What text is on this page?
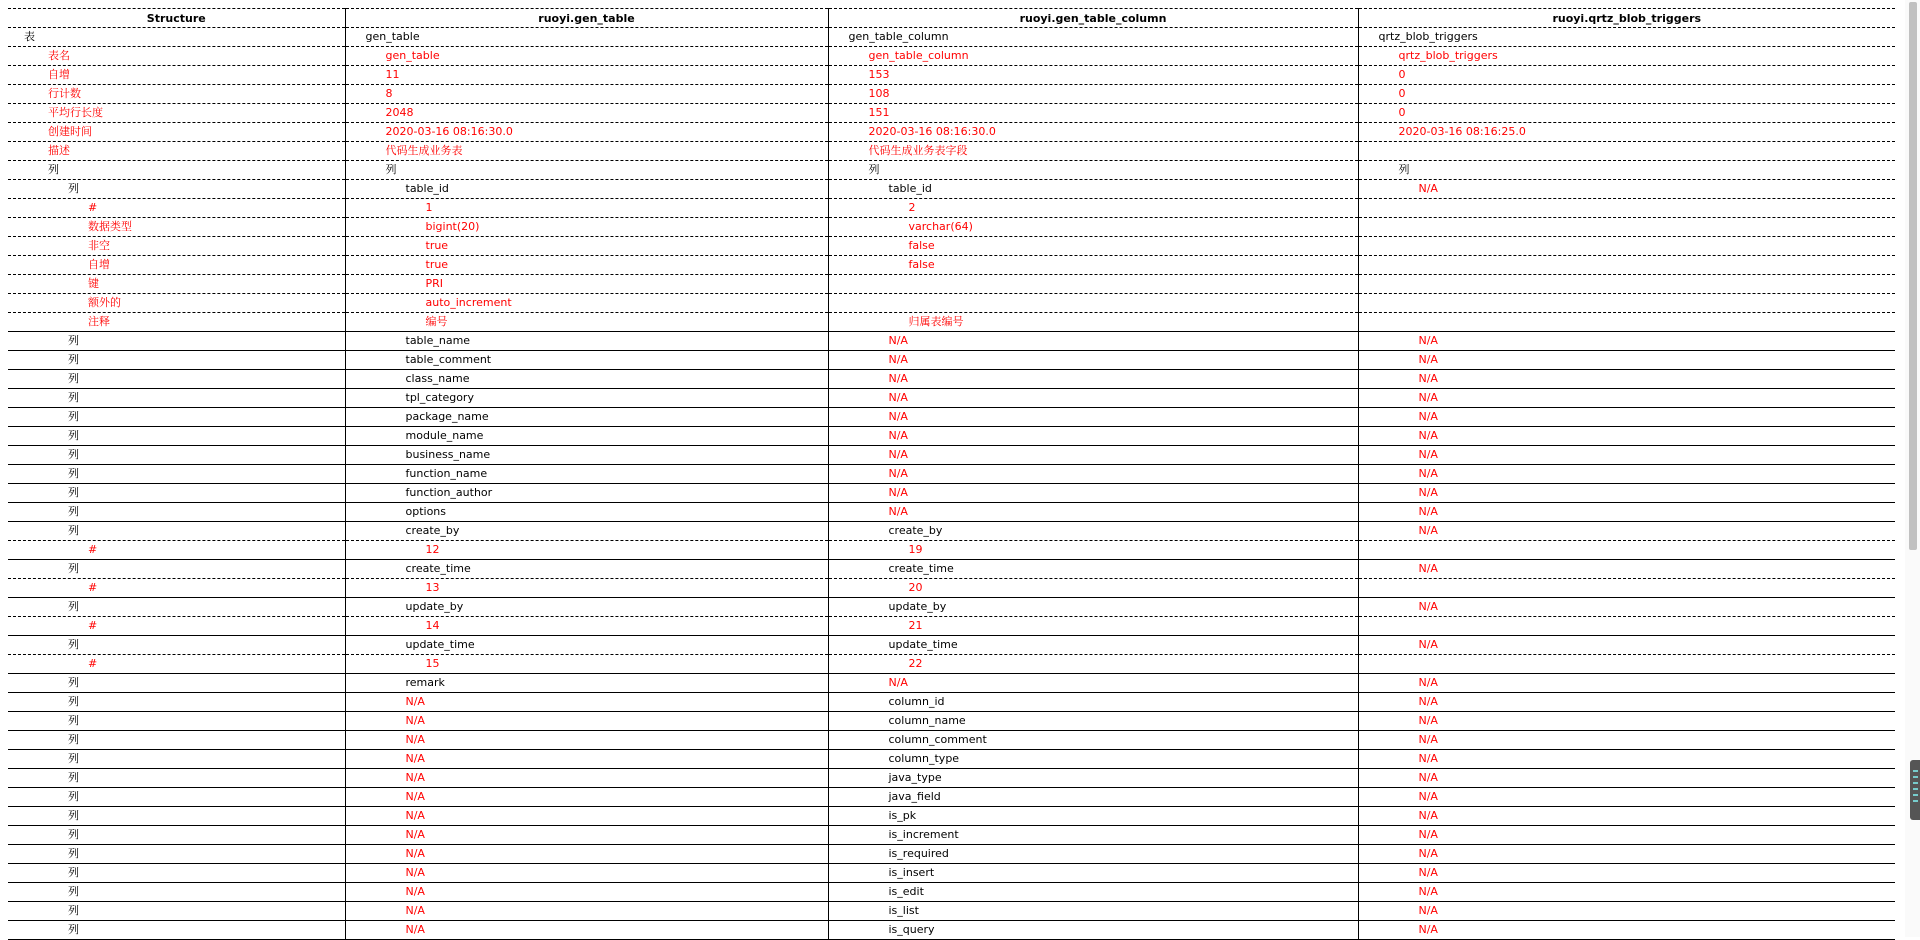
Structure	ruoyi.gen_table	ruoyi.gen_table_column	ruoyi.qrtz_blob_triggers
表	gen_table	gen_table_column	qrtz_blob_triggers
表名	gen_table	gen_table_column	qrtz_blob_triggers
自增	11	153	0
行计数	8	108	0
平均行长度	2048	151	0
创建时间	2020-03-16 08:16:30.0	2020-03-16 08:16:30.0	2020-03-16 08:16:25.0
描述	代码生成业务表	代码生成业务表字段	
列	列	列	列
列	table_id	table_id	N/A
#	1	2	
数据类型	bigint(20)	varchar(64)	
非空	true	false	
自增	true	false	
键	PRI		
额外的	auto_increment		
注释	编号	归属表编号	
列	table_name	N/A	N/A
列	table_comment	N/A	N/A
列	class_name	N/A	N/A
列	tpl_category	N/A	N/A
列	package_name	N/A	N/A
列	module_name	N/A	N/A
列	business_name	N/A	N/A
列	function_name	N/A	N/A
列	function_author	N/A	N/A
列	options	N/A	N/A
列	create_by	create_by	N/A
#	12	19	
列	create_time	create_time	N/A
#	13	20	
列	update_by	update_by	N/A
#	14	21	
列	update_time	update_time	N/A
#	15	22	
列	remark	N/A	N/A
列	N/A	column_id	N/A
列	N/A	column_name	N/A
列	N/A	column_comment	N/A
列	N/A	column_type	N/A
列	N/A	java_type	N/A
列	N/A	java_field	N/A
列	N/A	is_pk	N/A
列	N/A	is_increment	N/A
列	N/A	is_required	N/A
列	N/A	is_insert	N/A
列	N/A	is_edit	N/A
列	N/A	is_list	N/A
列	N/A	is_query	N/A
